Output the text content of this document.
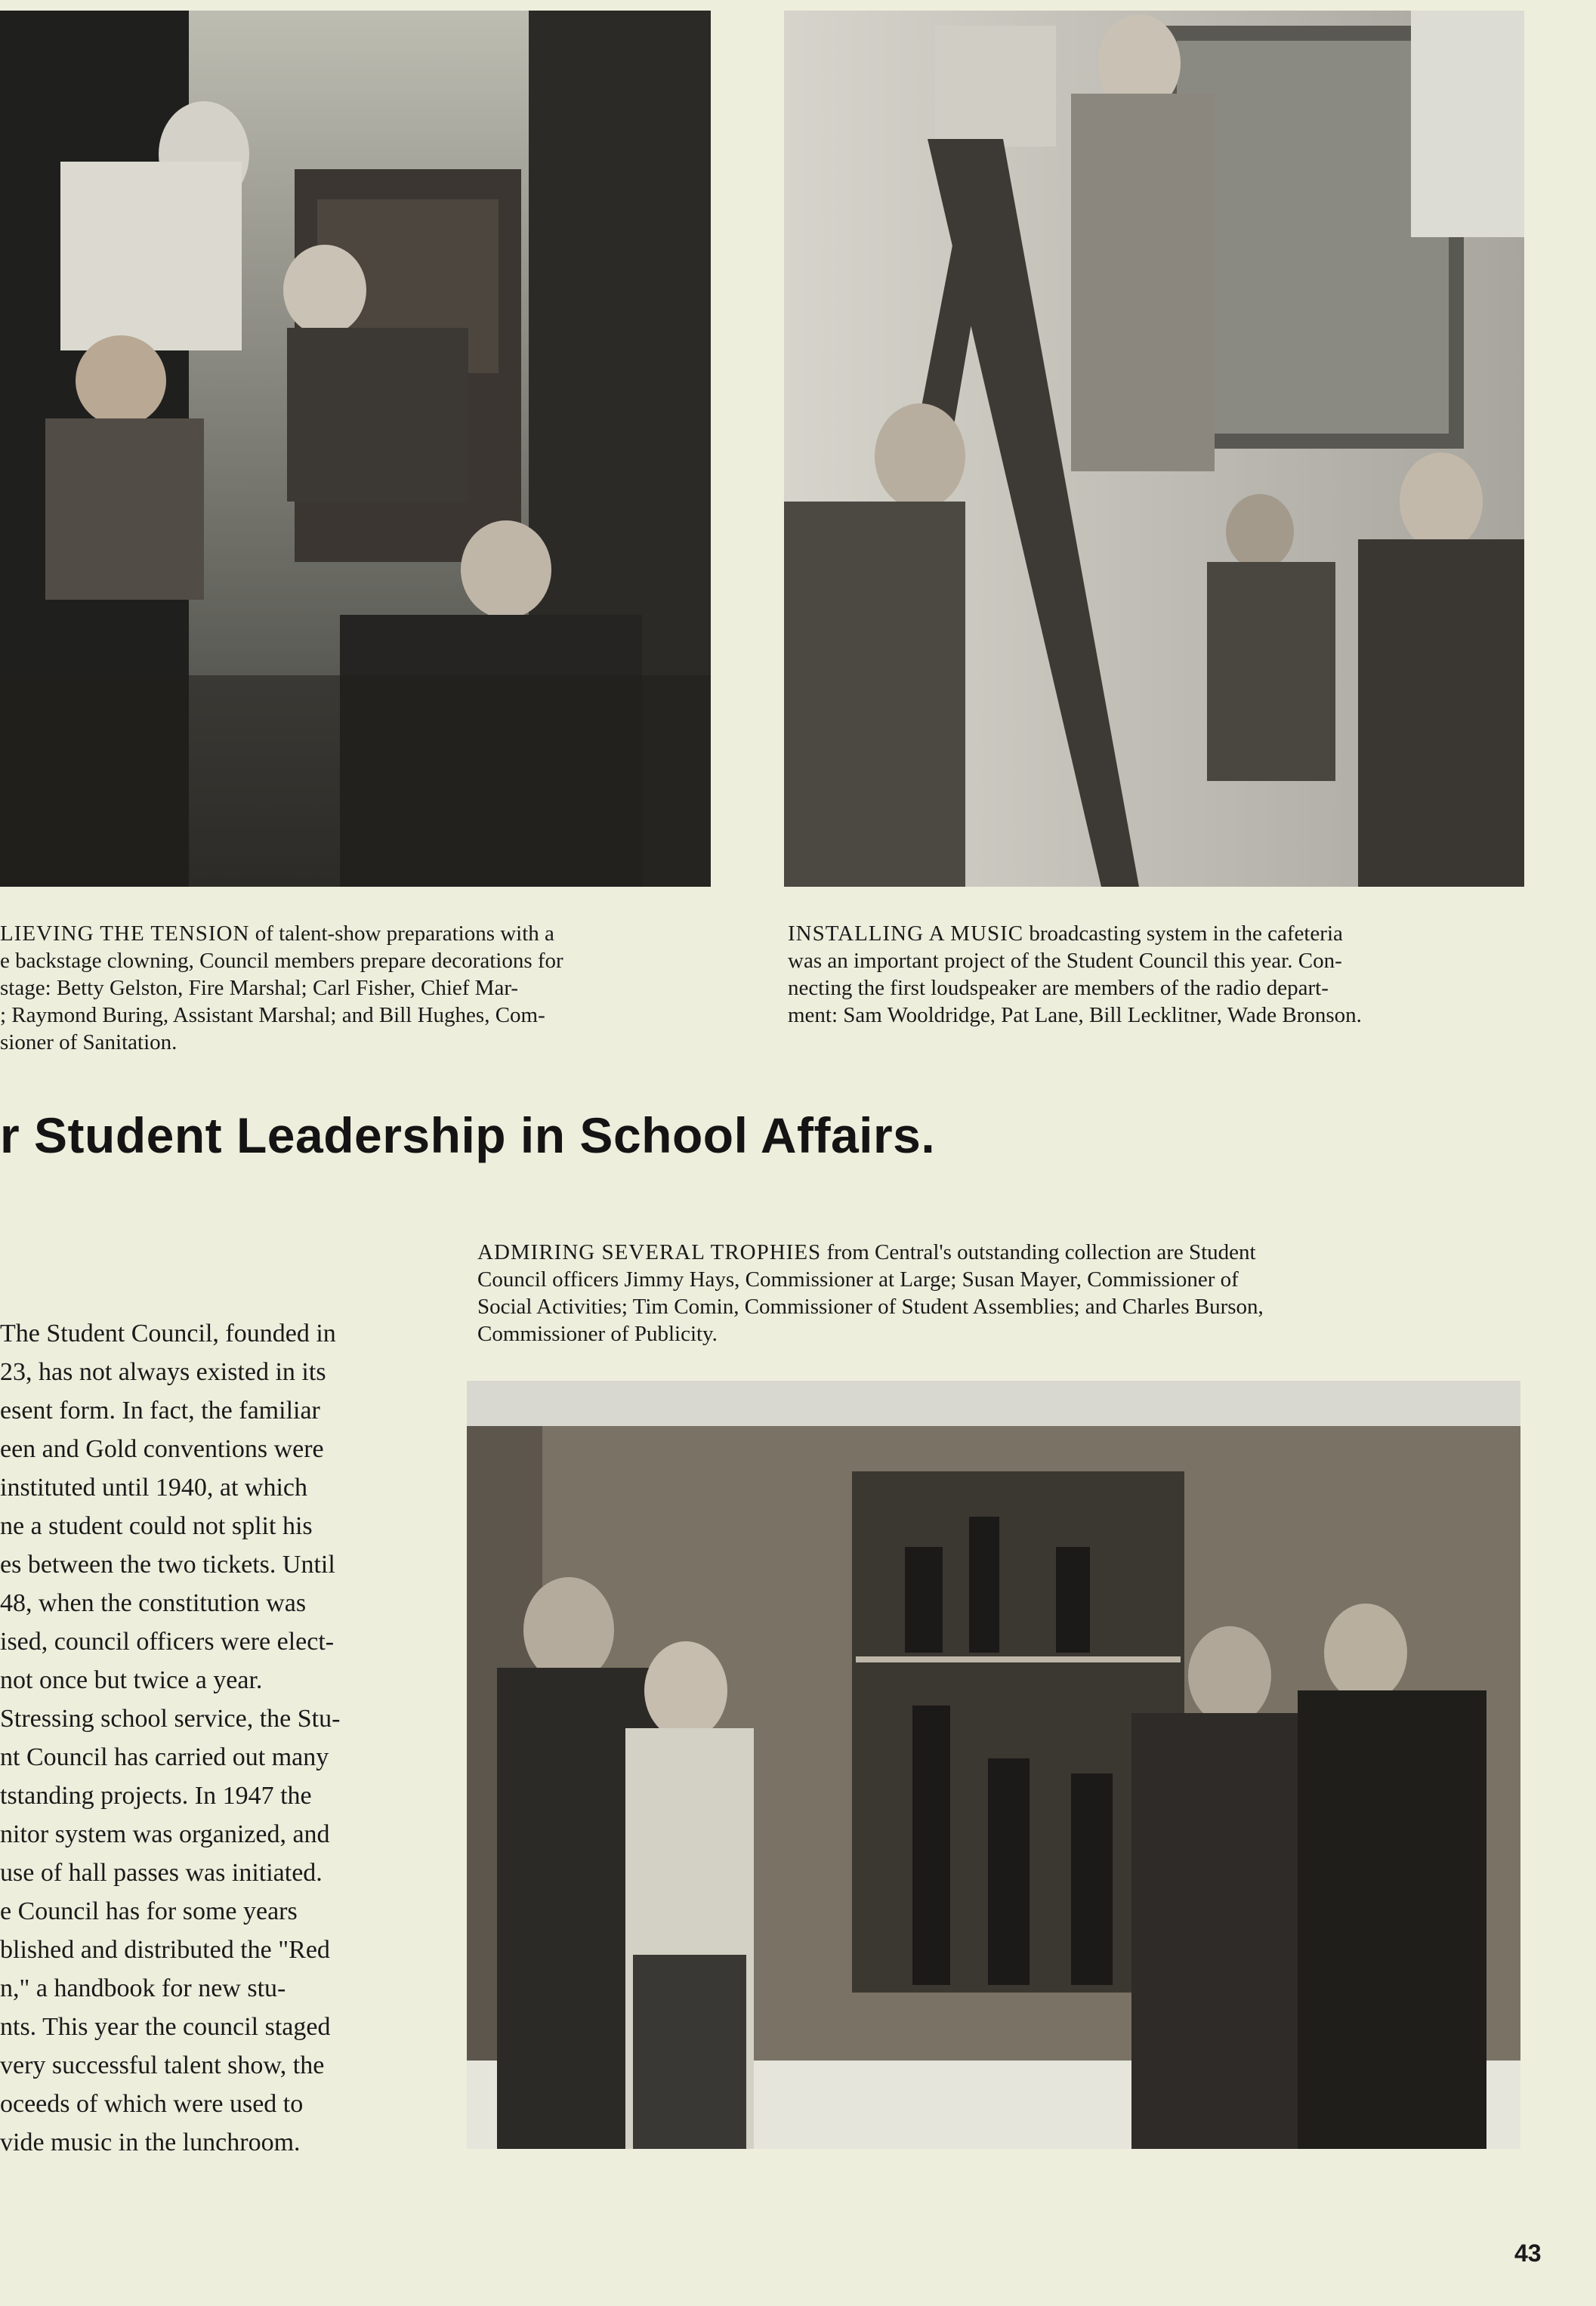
LIEVING THE TENSION of talent-show preparations with a
e backstage clowning, Council members prepare decorations for
stage: Betty Gelston, Fire Marshal; Carl Fisher, Chief Mar-
; Raymond Buring, Assistant Marshal; and Bill Hughes, Com-
sioner of Sanitation.
INSTALLING A MUSIC broadcasting system in the cafeteria
was an important project of the Student Council this year. Con-
necting the first loudspeaker are members of the radio depart-
ment: Sam Wooldridge, Pat Lane, Bill Lecklitner, Wade Bronson.
r Student Leadership in School Affairs.
ADMIRING SEVERAL TROPHIES from Central's outstanding collection are Student
Council officers Jimmy Hays, Commissioner at Large; Susan Mayer, Commissioner of
Social Activities; Tim Comin, Commissioner of Student Assemblies; and Charles Burson,
Commissioner of Publicity.

The Student Council, founded in

23, has not always existed in its

esent form. In fact, the familiar

een and Gold conventions were

instituted until 1940, at which

ne a student could not split his

es between the two tickets. Until

48, when the constitution was

ised, council officers were elect-

not once but twice a year.

Stressing school service, the Stu-

nt Council has carried out many

tstanding projects. In 1947 the

nitor system was organized, and

use of hall passes was initiated.

e Council has for some years

blished and distributed the "Red

n," a handbook for new stu-

nts. This year the council staged

very successful talent show, the

oceeds of which were used to

vide music in the lunchroom.

43
